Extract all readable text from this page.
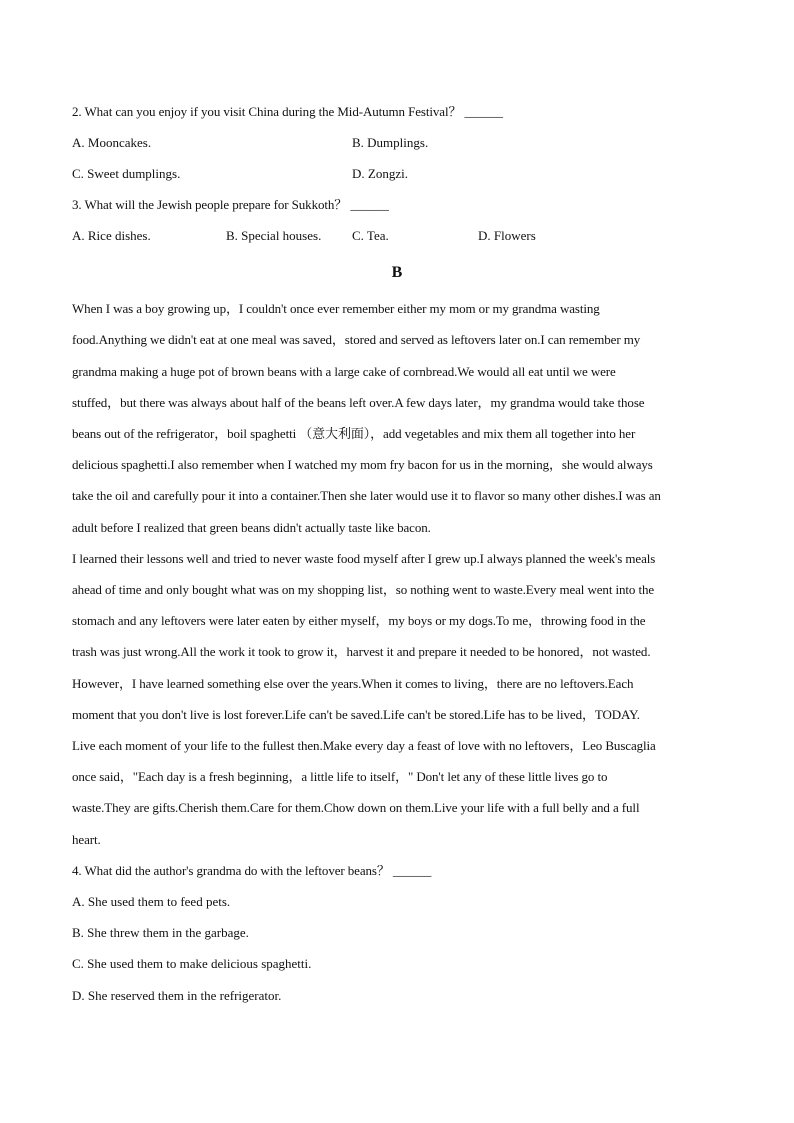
2. What can you enjoy if you visit China during the Mid-Autumn Festival？ ______
A. Mooncakes.	B. Dumplings.
C. Sweet dumplings.	D. Zongzi.
3. What will the Jewish people prepare for Sukkoth？ ______
A. Rice dishes.	B. Special houses. C. Tea.	D. Flowers
B
When I was a boy growing up，I couldn't once ever remember either my mom or my grandma wasting
food.Anything we didn't eat at one meal was saved，stored and served as leftovers later on.I can remember my
grandma making a huge pot of brown beans with a large cake of cornbread.We would all eat until we were
stuffed，but there was always about half of the beans left over.A few days later，my grandma would take those
beans out of the refrigerator，boil spaghetti （意大利面），add vegetables and mix them all together into her
delicious spaghetti.I also remember when I watched my mom fry bacon for us in the morning，she would always
take the oil and carefully pour it into a container.Then she later would use it to flavor so many other dishes.I was an
adult before I realized that green beans didn't actually taste like bacon.
I learned their lessons well and tried to never waste food myself after I grew up.I always planned the week's meals
ahead of time and only bought what was on my shopping list，so nothing went to waste.Every meal went into the
stomach and any leftovers were later eaten by either myself，my boys or my dogs.To me，throwing food in the
trash was just wrong.All the work it took to grow it，harvest it and prepare it needed to be honored，not wasted.
However，I have learned something else over the years.When it comes to living，there are no leftovers.Each
moment that you don't live is lost forever.Life can't be saved.Life can't be stored.Life has to be lived，TODAY.
Live each moment of your life to the fullest then.Make every day a feast of love with no leftovers，Leo Buscaglia
once said，"Each day is a fresh beginning，a little life to itself，" Don't let any of these little lives go to
waste.They are gifts.Cherish them.Care for them.Chow down on them.Live your life with a full belly and a full
heart.
4. What did the author's grandma do with the leftover beans？ ______
A. She used them to feed pets.
B. She threw them in the garbage.
C. She used them to make delicious spaghetti.
D. She reserved them in the refrigerator.
